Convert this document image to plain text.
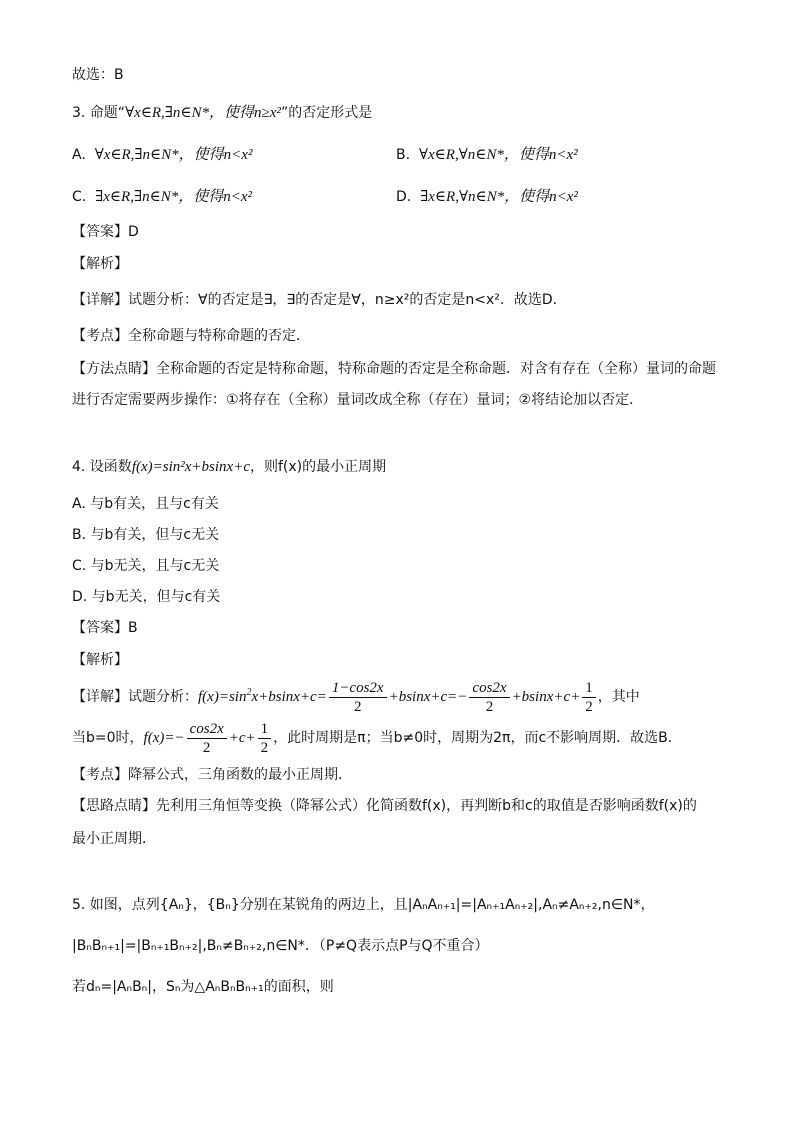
故选：B
3. 命题“∀x∈R,∃n∈N*，使得n≥x²”的否定形式是
A. ∀x∈R,∃n∈N*，使得n<x²	B. ∀x∈R,∀n∈N*，使得n<x²
C. ∃x∈R,∃n∈N*，使得n<x²	D. ∃x∈R,∀n∈N*，使得n<x²
【答案】D
【解析】
【详解】试题分析：∀的否定是∃，∃的否定是∀，n≥x²的否定是n<x²．故选D．
【考点】全称命题与特称命题的否定．
【方法点睛】全称命题的否定是特称命题，特称命题的否定是全称命题．对含有存在（全称）量词的命题
进行否定需要两步操作：①将存在（全称）量词改成全称（存在）量词；②将结论加以否定．
4. 设函数f(x)=sin²x+bsinx+c，则f(x)的最小正周期
A. 与b有关，且与c有关
B. 与b有关，但与c无关
C. 与b无关，且与c无关
D. 与b无关，但与c有关
【答案】B
【解析】
【详解】试题分析：$f(x)=\sin^2x+bsinx+c= \frac{1-\cos 2x}{2} +bsinx+c=- \frac{\cos 2x}{2} +bsinx+c+ \frac{1}{2}$ ，其中
当b=0时，$f(x)=- \frac{\cos 2x}{2} +c+ \frac{1}{2}$ ，此时周期是π；当b≠0时，周期为2π，而c不影响周期．故选B．
【考点】降幂公式，三角函数的最小正周期．
【思路点睛】先利用三角恒等变换（降幂公式）化简函数f(x)，再判断b和c的取值是否影响函数f(x)的
最小正周期．
5. 如图，点列{Aₙ}，{Bₙ}分别在某锐角的两边上，且|AₙAₙ₊₁|=|Aₙ₊₁Aₙ₊₂|,Aₙ≠Aₙ₊₂,n∈N*，
|BₙBₙ₊₁|=|Bₙ₊₁Bₙ₊₂|,Bₙ≠Bₙ₊₂,n∈N*．（P≠Q表示点P与Q不重合）
若dₙ=|AₙBₙ|，Sₙ为△AₙBₙBₙ₊₁的面积，则
